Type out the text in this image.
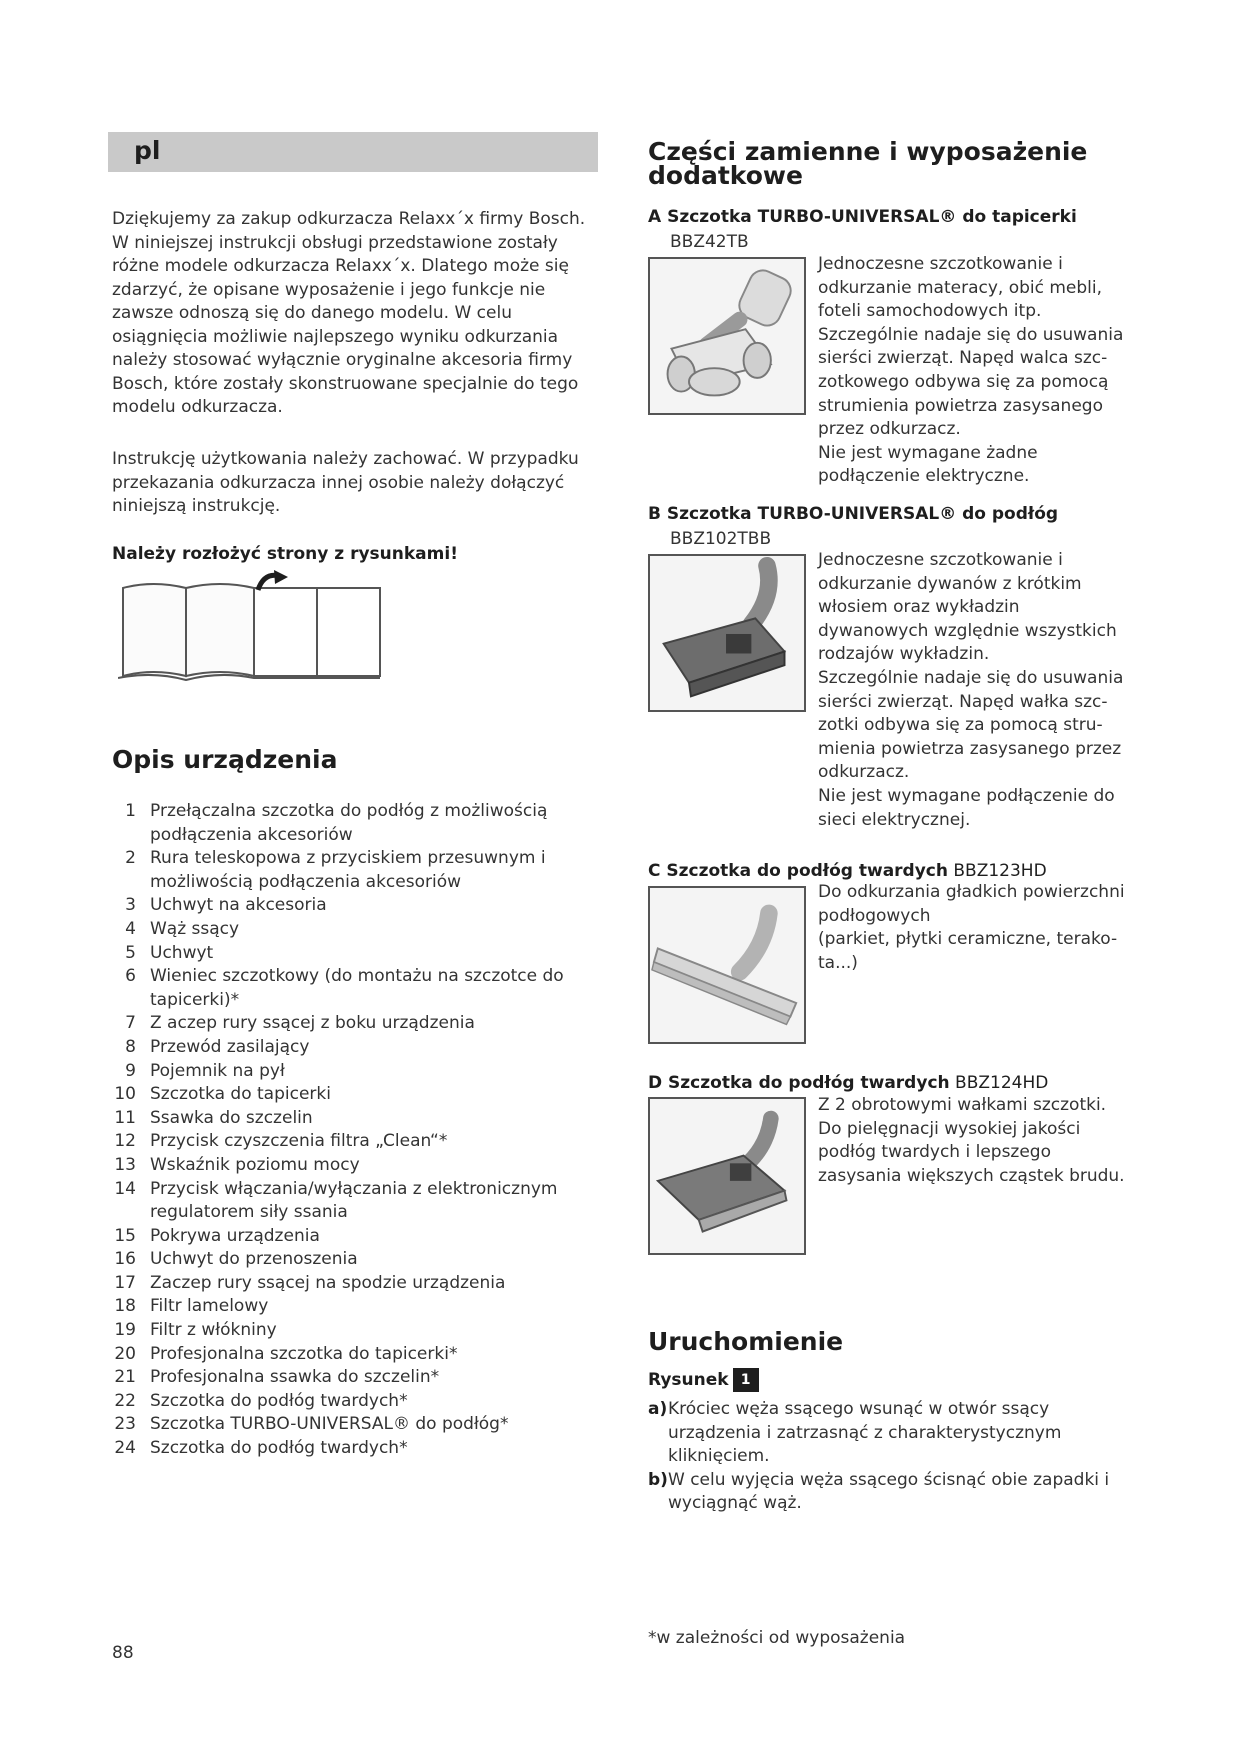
pl

Dziękujemy za zakup odkurzacza Relaxx´x firmy Bosch. W niniejszej instrukcji obsługi przedstawione zostały różne modele odkurzacza Relaxx´x. Dlatego może się zdarzyć, że opisane wyposażenie i jego funkcje nie zawsze odnoszą się do danego modelu. W celu osiągnięcia możliwie najlepszego wyniku odkurzania należy stosować wyłącznie oryginalne akcesoria firmy Bosch, które zostały skonstruowane specjalnie do tego modelu odkurzacza.

Instrukcję użytkowania należy zachować. W przypadku przekazania odkurzacza innej osobie należy dołączyć niniejszą instrukcję.

Należy rozłożyć strony z rysunkami!

Opis urządzenia
1 Przełączalna szczotka do podłóg z możliwością podłączenia akcesoriów
2 Rura teleskopowa z przyciskiem przesuwnym i możliwością podłączenia akcesoriów
3 Uchwyt na akcesoria
4 Wąż ssący
5 Uchwyt
6 Wieniec szczotkowy (do montażu na szczotce do tapicerki)*
7 Z aczep rury ssącej z boku urządzenia
8 Przewód zasilający
9 Pojemnik na pył
10 Szczotka do tapicerki
11 Ssawka do szczelin
12 Przycisk czyszczenia filtra „Clean“*
13 Wskaźnik poziomu mocy
14 Przycisk włączania/wyłączania z elektronicznym regulatorem siły ssania
15 Pokrywa urządzenia
16 Uchwyt do przenoszenia
17 Zaczep rury ssącej na spodzie urządzenia
18 Filtr lamelowy
19 Filtr z włókniny
20 Profesjonalna szczotka do tapicerki*
21 Profesjonalna ssawka do szczelin*
22 Szczotka do podłóg twardych*
23 Szczotka TURBO-UNIVERSAL® do podłóg*
24 Szczotka do podłóg twardych*
Części zamienne i wyposażenie dodatkowe
A Szczotka TURBO-UNIVERSAL® do tapicerki
BBZ42TB
Jednoczesne szczotkowanie i
odkurzanie materacy, obić mebli,
foteli samochodowych itp.
Szczególnie nadaje się do usuwania
sierści zwierząt. Napęd walca szc-
zotkowego odbywa się za pomocą
strumienia powietrza zasysanego
przez odkurzacz.
Nie jest wymagane żadne
podłączenie elektryczne.
B Szczotka TURBO-UNIVERSAL® do podłóg
BBZ102TBB
Jednoczesne szczotkowanie i
odkurzanie dywanów z krótkim
włosiem oraz wykładzin
dywanowych względnie wszystkich
rodzajów wykładzin.
Szczególnie nadaje się do usuwania
sierści zwierząt. Napęd wałka szc-
zotki odbywa się za pomocą stru-
mienia powietrza zasysanego przez
odkurzacz.
Nie jest wymagane podłączenie do
sieci elektrycznej.
C Szczotka do podłóg twardych BBZ123HD
Do odkurzania gładkich powierzchni
podłogowych
(parkiet, płytki ceramiczne, terako-
ta...)
D Szczotka do podłóg twardych BBZ124HD
Z 2 obrotowymi wałkami szczotki.
Do pielęgnacji wysokiej jakości
podłóg twardych i lepszego
zasysania większych cząstek brudu.
Uruchomienie
Rysunek 1
a) Króciec węża ssącego wsunąć w otwór ssący urządzenia i zatrzasnąć z charakterystycznym kliknięciem.
b) W celu wyjęcia węża ssącego ścisnąć obie zapadki i wyciągnąć wąż.
88
*w zależności od wyposażenia
